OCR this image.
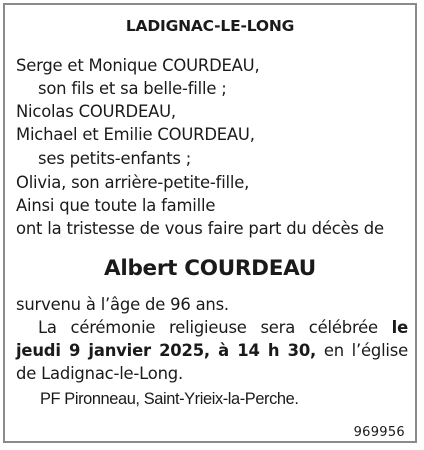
LADIGNAC-LE-LONG
Serge et Monique COURDEAU,
son fils et sa belle-fille ;
Nicolas COURDEAU,
Michael et Emilie COURDEAU,
ses petits-enfants ;
Olivia, son arrière-petite-fille,
Ainsi que toute la famille
ont la tristesse de vous faire part du décès de
Albert COURDEAU
survenu à l’âge de 96 ans.
La cérémonie religieuse sera célébrée le
jeudi 9 janvier 2025, à 14 h 30, en l’église
de Ladignac-le-Long.
PF Pironneau, Saint-Yrieix-la-Perche.
969956
